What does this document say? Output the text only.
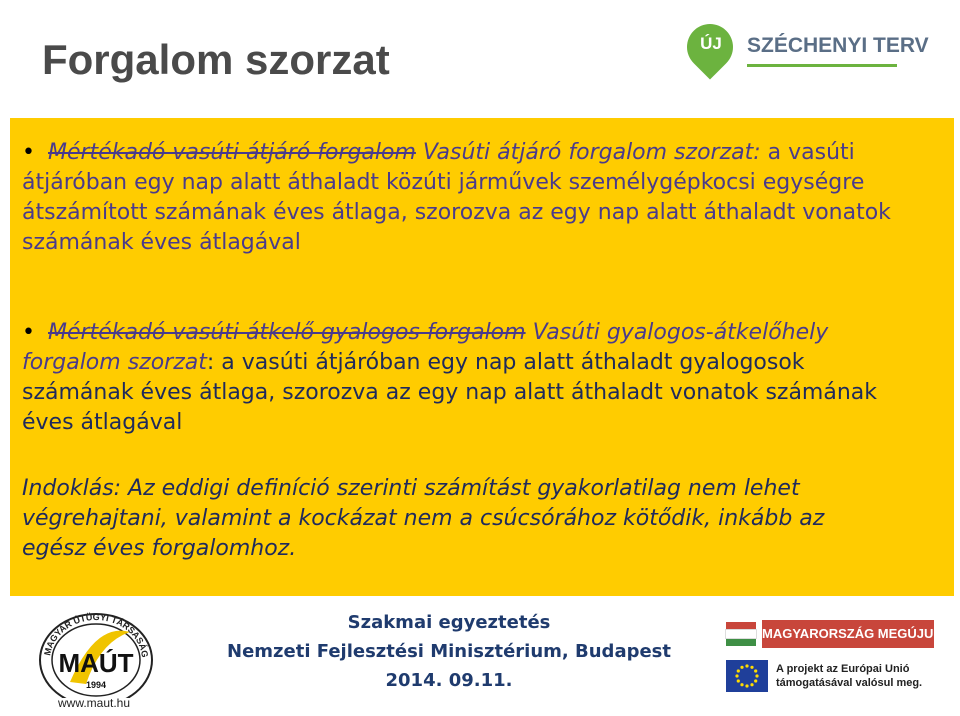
Forgalom szorzat	ÚJ	SZÉCHENYI TERV

• Mértékadó vasúti átjáró forgalom Vasúti átjáró forgalom szorzat: a vasúti átjáróban egy nap alatt áthaladt közúti járművek személygépkocsi egységre átszámított számának éves átlaga, szorozva az egy nap alatt áthaladt vonatok számának éves átlagával

• Mértékadó vasúti átkelő gyalogos forgalom Vasúti gyalogos-átkelőhely forgalom szorzat: a vasúti átjáróban egy nap alatt áthaladt gyalogosok számának éves átlaga, szorozva az egy nap alatt áthaladt vonatok számának éves átlagával

Indoklás: Az eddigi definíció szerinti számítást gyakorlatilag nem lehet végrehajtani, valamint a kockázat nem a csúcsórához kötődik, inkább az egész éves forgalomhoz.

MAGYAR ÚTÜGYI TÁRSASÁG
MAÚT
1994
www.maut.hu
Szakmai egyeztetés
Nemzeti Fejlesztési Minisztérium, Budapest
2014. 09.11.
MAGYARORSZÁG MEGÚJUL
A projekt az Európai Unió
támogatásával valósul meg.
